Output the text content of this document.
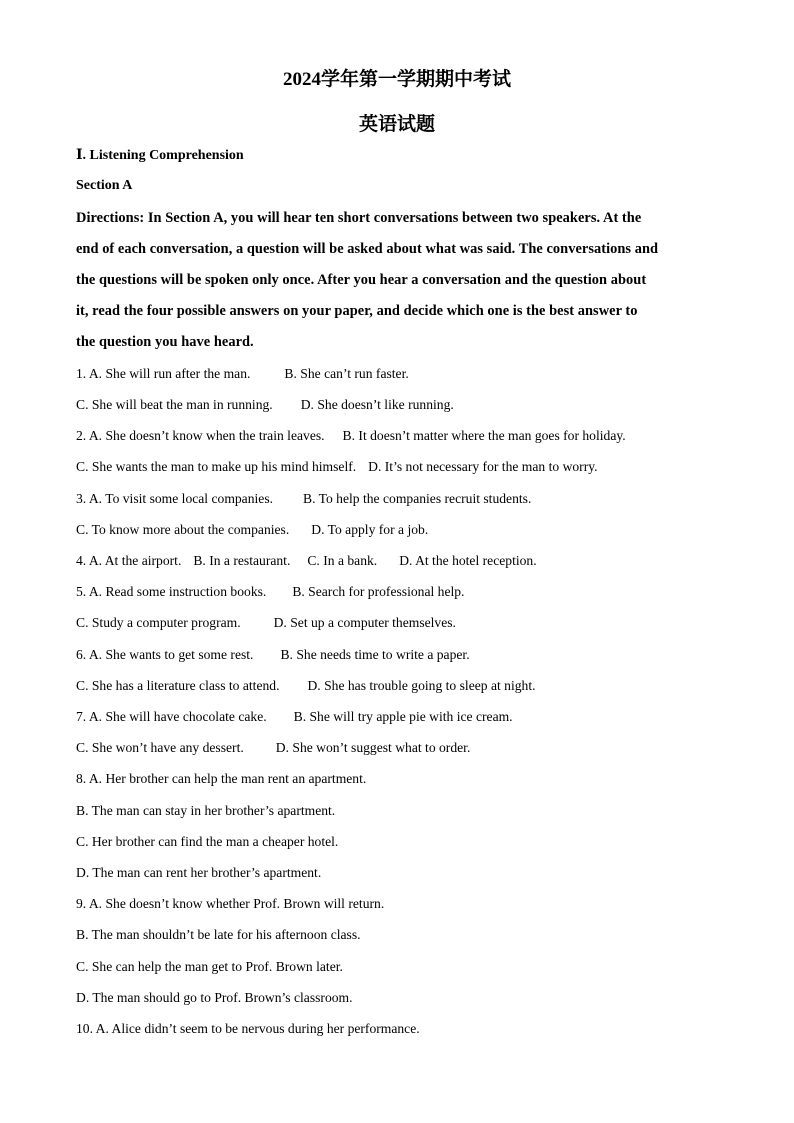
2024学年第一学期期中考试
英语试题
Ⅰ. Listening Comprehension
Section A
Directions: In Section A, you will hear ten short conversations between two speakers. At the
end of each conversation, a question will be asked about what was said. The conversations and
the questions will be spoken only once. After you hear a conversation and the question about
it, read the four possible answers on your paper, and decide which one is the best answer to
the question you have heard.
1. A. She will run after the man.	B. She can’t run faster.
C. She will beat the man in running. D. She doesn’t like running.
2. A. She doesn’t know when the train leaves. B. It doesn’t matter where the man goes for holiday.
C. She wants the man to make up his mind himself. D. It’s not necessary for the man to worry.
3. A. To visit some local companies. B. To help the companies recruit students.
C. To know more about the companies. D. To apply for a job.
4. A. At the airport. B. In a restaurant. C. In a bank. D. At the hotel reception.
5. A. Read some instruction books. B. Search for professional help.
C. Study a computer program. D. Set up a computer themselves.
6. A. She wants to get some rest. B. She needs time to write a paper.
C. She has a literature class to attend. D. She has trouble going to sleep at night.
7. A. She will have chocolate cake. B. She will try apple pie with ice cream.
C. She won’t have any dessert. D. She won’t suggest what to order.
8. A. Her brother can help the man rent an apartment.
B. The man can stay in her brother’s apartment.
C. Her brother can find the man a cheaper hotel.
D. The man can rent her brother’s apartment.
9. A. She doesn’t know whether Prof. Brown will return.
B. The man shouldn’t be late for his afternoon class.
C. She can help the man get to Prof. Brown later.
D. The man should go to Prof. Brown’s classroom.
10. A. Alice didn’t seem to be nervous during her performance.
